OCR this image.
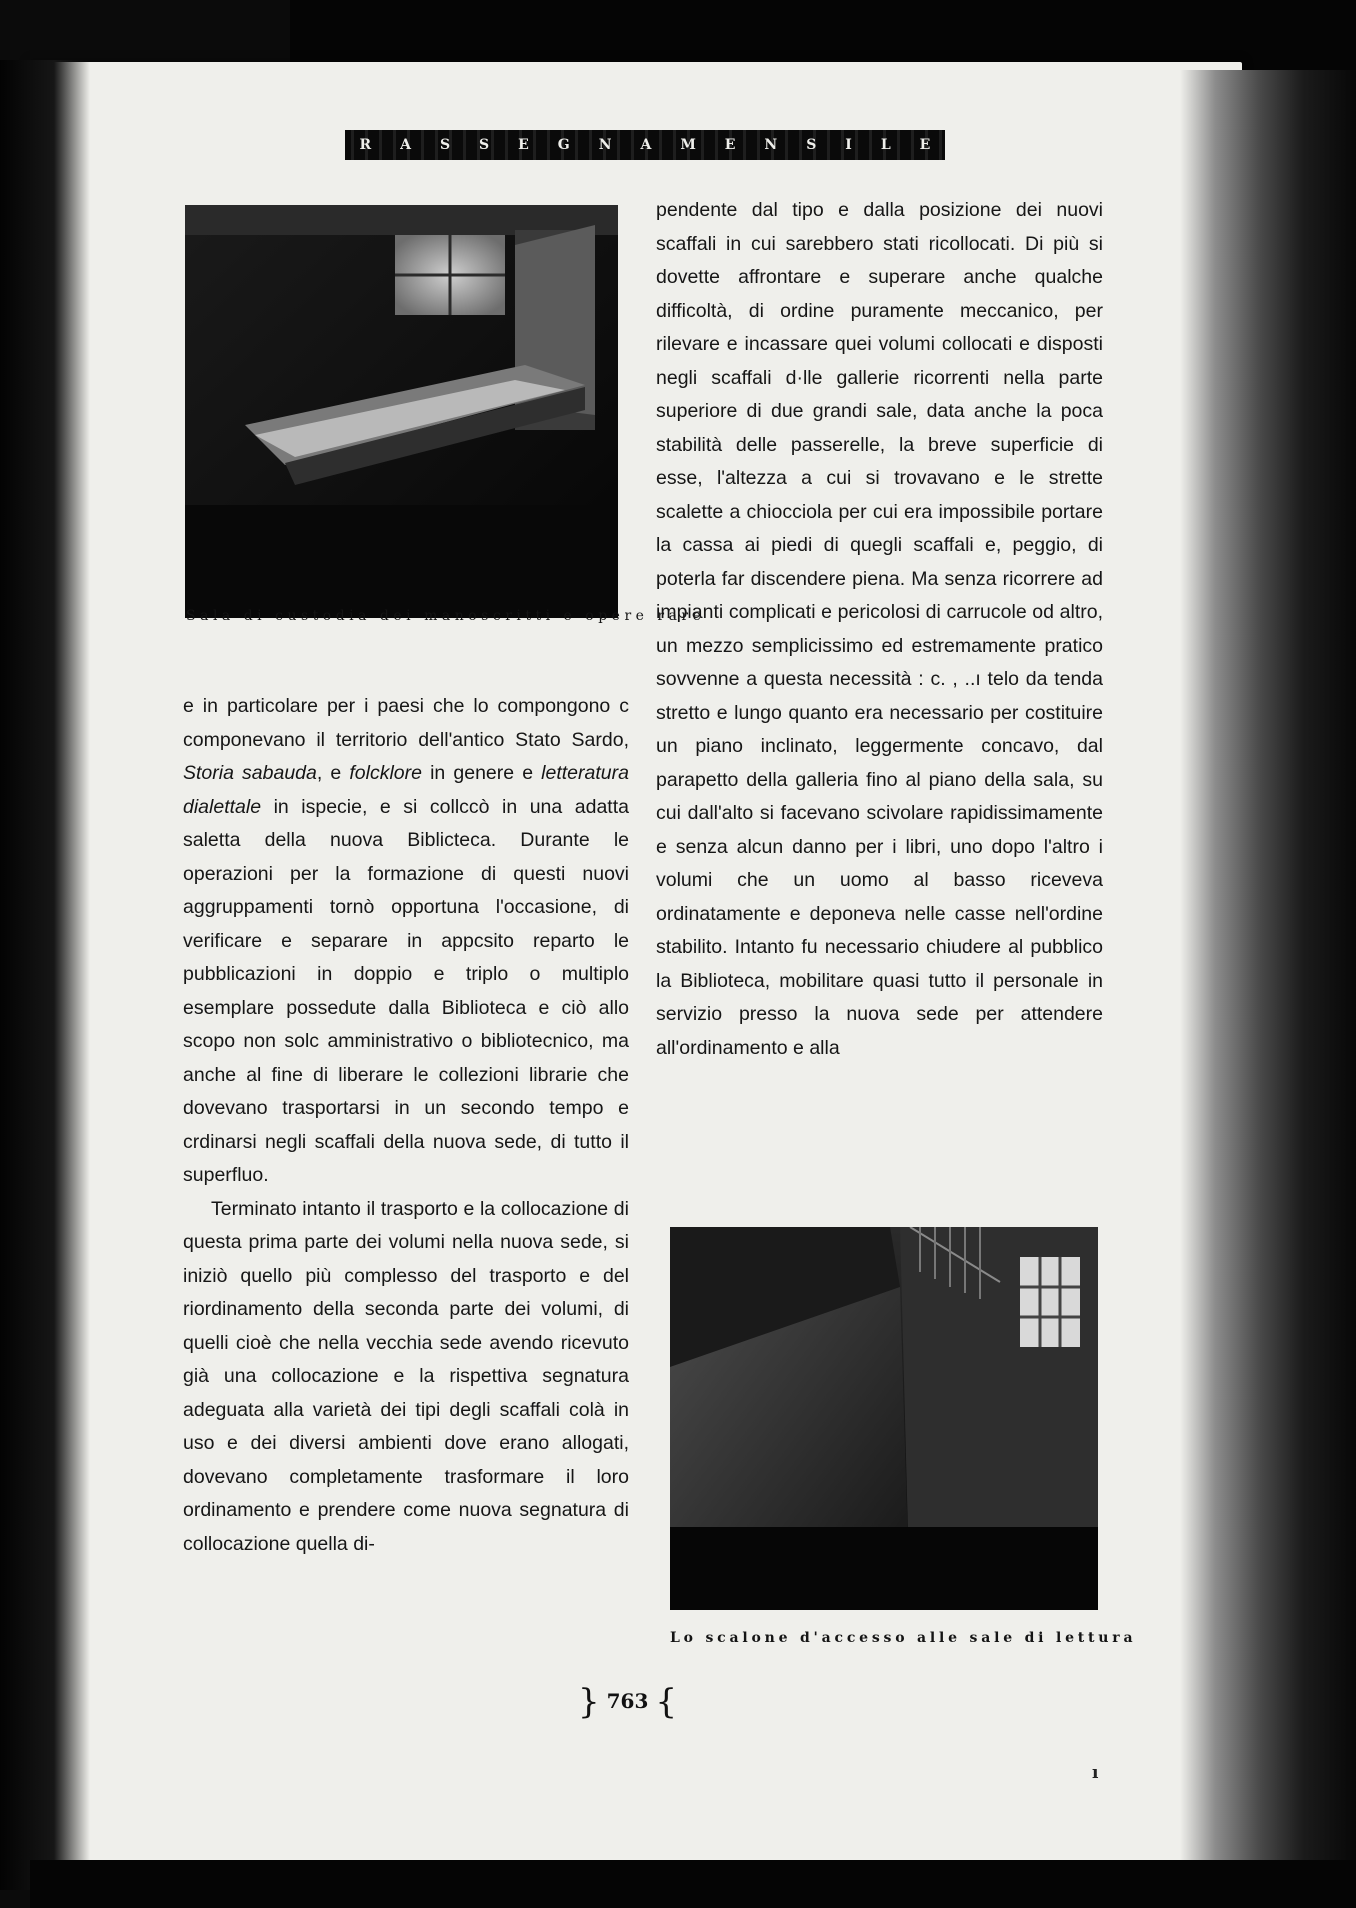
R A S S E G N A M E N S I L E
Sala di custodia dei manoscritti e opere rare

e in particolare per i paesi che lo compongono c componevano il territorio dell'antico Stato Sardo, Storia sabauda, e folcklore in genere e letteratura dialettale in ispecie, e si collccò in una adatta saletta della nuova Biblicteca. Durante le operazioni per la formazione di questi nuovi aggruppamenti tornò opportuna l'occasione, di verificare e separare in appcsito reparto le pubblicazioni in doppio e triplo o multiplo esemplare possedute dalla Biblioteca e ciò allo scopo non solc amministrativo o bibliotecnico, ma anche al fine di liberare le collezioni librarie che dovevano trasportarsi in un secondo tempo e crdinarsi negli scaffali della nuova sede, di tutto il superfluo.

Terminato intanto il trasporto e la collocazione di questa prima parte dei volumi nella nuova sede, si iniziò quello più complesso del trasporto e del riordinamento della seconda parte dei volumi, di quelli cioè che nella vecchia sede avendo ricevuto già una collocazione e la rispettiva segnatura adeguata alla varietà dei tipi degli scaffali colà in uso e dei diversi ambienti dove erano allogati, dovevano completamente trasformare il loro ordinamento e prendere come nuova segnatura di collocazione quella di-

pendente dal tipo e dalla posizione dei nuovi scaffali in cui sarebbero stati ricollocati. Di più si dovette affrontare e superare anche qualche difficoltà, di ordine puramente meccanico, per rilevare e incassare quei volumi collocati e disposti negli scaffali d·lle gallerie ricorrenti nella parte superiore di due grandi sale, data anche la poca stabilità delle passerelle, la breve superficie di esse, l'altezza a cui si trovavano e le strette scalette a chiocciola per cui era impossibile portare la cassa ai piedi di quegli scaffali e, peggio, di poterla far discendere piena. Ma senza ricorrere ad impianti complicati e pericolosi di carrucole od altro, un mezzo semplicissimo ed estremamente pratico sovvenne a questa necessità : c. , ..ı telo da tenda stretto e lungo quanto era necessario per costituire un piano inclinato, leggermente concavo, dal parapetto della galleria fino al piano della sala, su cui dall'alto si facevano scivolare rapidissimamente e senza alcun danno per i libri, uno dopo l'altro i volumi che un uomo al basso riceveva ordinatamente e deponeva nelle casse nell'ordine stabilito. Intanto fu necessario chiudere al pubblico la Biblioteca, mobilitare quasi tutto il personale in servizio presso la nuova sede per attendere all'ordinamento e alla

Lo scalone d'accesso alle sale di lettura
} 763 {
ı
